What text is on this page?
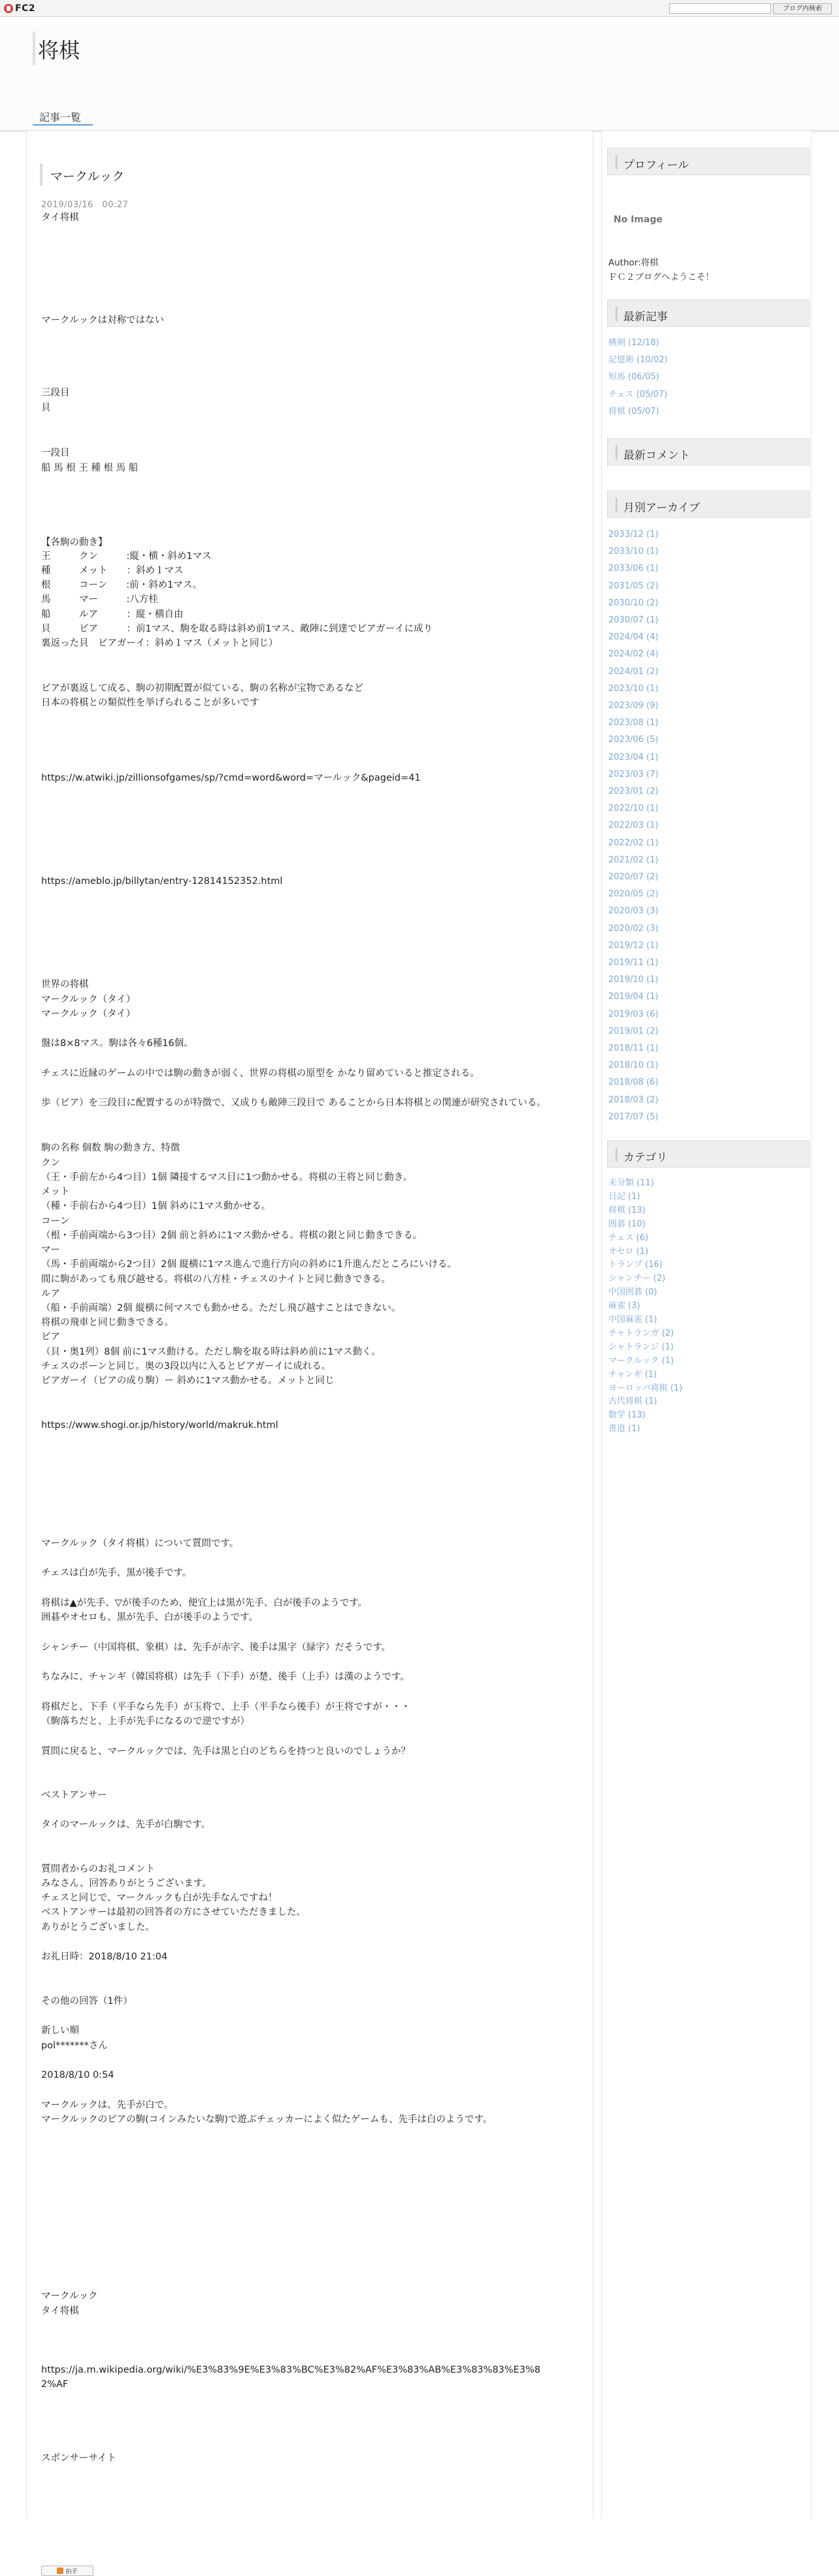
FC2	ブログ内検索
将棋
記事一覧
マークルック
2019/03/16　00:27
タイ将棋
マークルックは対称ではない
三段目
貝
一段目
船 馬 根 王 種 根 馬 船
【各駒の動き】
王　　　クン　　　:縦・横・斜め1マス
種　　　メット　　：斜め１マス
根　　　コーン　　:前・斜め1マス。
馬　　　マー　　　:八方桂
船　　　ルア　　　：縦・横自由
貝　　　ビア　　　：前1マス、駒を取る時は斜め前1マス、敵陣に到達でビアガーイに成り
裏返った貝　ビアガーイ：斜め１マス（メットと同じ）
ビアが裏返して成る、駒の初期配置が似ている、駒の名称が宝物であるなど
日本の将棋との類似性を挙げられることが多いです
https://w.atwiki.jp/zillionsofgames/sp/?cmd=word&word=マールック&pageid=41
https://ameblo.jp/billytan/entry-12814152352.html
世界の将棋
マークルック（タイ）
マークルック（タイ）
盤は8×8マス。駒は各々6種16個。
チェスに近縁のゲームの中では駒の動きが弱く、世界の将棋の原型を かなり留めていると推定される。
歩（ビア）を三段目に配置するのが特徴で、又成りも敵陣三段目で あることから日本将棋との関連が研究されている。
駒の名称 個数 駒の動き方、特徴
クン
（王・手前左から4つ目）1個 隣接するマス目に1つ動かせる。将棋の王将と同じ動き。
メット
（種・手前右から4つ目）1個 斜めに1マス動かせる。
コーン
（根・手前両端から3つ目）2個 前と斜めに1マス動かせる。将棋の銀と同じ動きできる。
マー
（馬・手前両端から2つ目）2個 縦横に1マス進んで進行方向の斜めに1升進んだところにいける。
間に駒があっても飛び越せる。将棋の八方桂・チェスのナイトと同じ動きできる。
ルア
（船・手前両端）2個 縦横に何マスでも動かせる。ただし飛び越すことはできない。
将棋の飛車と同じ動きできる。
ビア
（貝・奥1列）8個 前に1マス動ける。ただし駒を取る時は斜め前に1マス動く。
チェスのポーンと同じ。奥の3段以内に入るとビアガーイに成れる。
ビアガーイ（ビアの成り駒）ー 斜めに1マス動かせる。メットと同じ
https://www.shogi.or.jp/history/world/makruk.html
マークルック（タイ将棋）について質問です。
チェスは白が先手、黒が後手です。
将棋は▲が先手、▽が後手のため、便宜上は黒が先手、白が後手のようです。
囲碁やオセロも、黒が先手、白が後手のようです。
シャンチー（中国将棋、象棋）は、先手が赤字、後手は黒字（緑字）だそうです。
ちなみに、チャンギ（韓国将棋）は先手（下手）が楚、後手（上手）は漢のようです。
将棋だと、下手（平手なら先手）が玉将で、上手（平手なら後手）が王将ですが・・・
（駒落ちだと、上手が先手になるので逆ですが）
質問に戻ると、マークルックでは、先手は黒と白のどちらを持つと良いのでしょうか？
ベストアンサー
タイのマールックは、先手が白駒です。
質問者からのお礼コメント
みなさん、回答ありがとうございます。
チェスと同じで、マークルックも白が先手なんですね！
ベストアンサーは最初の回答者の方にさせていただきました。
ありがとうございました。
お礼日時：2018/8/10 21:04
その他の回答（1件）
新しい順
pol*******さん
2018/8/10 0:54
マークルックは、先手が白で。
マークルックのビアの駒(コインみたいな駒)で遊ぶチェッカーによく似たゲームも、先手は白のようです。
マークルック
タイ将棋
https://ja.m.wikipedia.org/wiki/%E3%83%9E%E3%83%BC%E3%82%AF%E3%83%AB%E3%83%83%E3%8
2%AF
スポンサーサイト
拍手
プロフィール
No Image
Author:将棋
ＦＣ２ブログへようこそ！
最新記事
横剣 (12/18)
記憶術 (10/02)
短馬 (06/05)
チェス (05/07)
将棋 (05/07)
最新コメント
月別アーカイブ
2033/12 (1)
2033/10 (1)
2033/06 (1)
2031/05 (2)
2030/10 (2)
2030/07 (1)
2024/04 (4)
2024/02 (4)
2024/01 (2)
2023/10 (1)
2023/09 (9)
2023/08 (1)
2023/06 (5)
2023/04 (1)
2023/03 (7)
2023/01 (2)
2022/10 (1)
2022/03 (1)
2022/02 (1)
2021/02 (1)
2020/07 (2)
2020/05 (2)
2020/03 (3)
2020/02 (3)
2019/12 (1)
2019/11 (1)
2019/10 (1)
2019/04 (1)
2019/03 (6)
2019/01 (2)
2018/11 (1)
2018/10 (1)
2018/08 (6)
2018/03 (2)
2017/07 (5)
カテゴリ
未分類 (11)
日記 (1)
将棋 (13)
囲碁 (10)
チェス (6)
オセロ (1)
トランプ (16)
シャンチー (2)
中国囲碁 (0)
麻雀 (3)
中国麻雀 (1)
チャトランガ (2)
シャトランジ (1)
マークルック (1)
チャンギ (1)
ヨーロッパ将棋 (1)
古代将棋 (1)
数学 (13)
書道 (1)
